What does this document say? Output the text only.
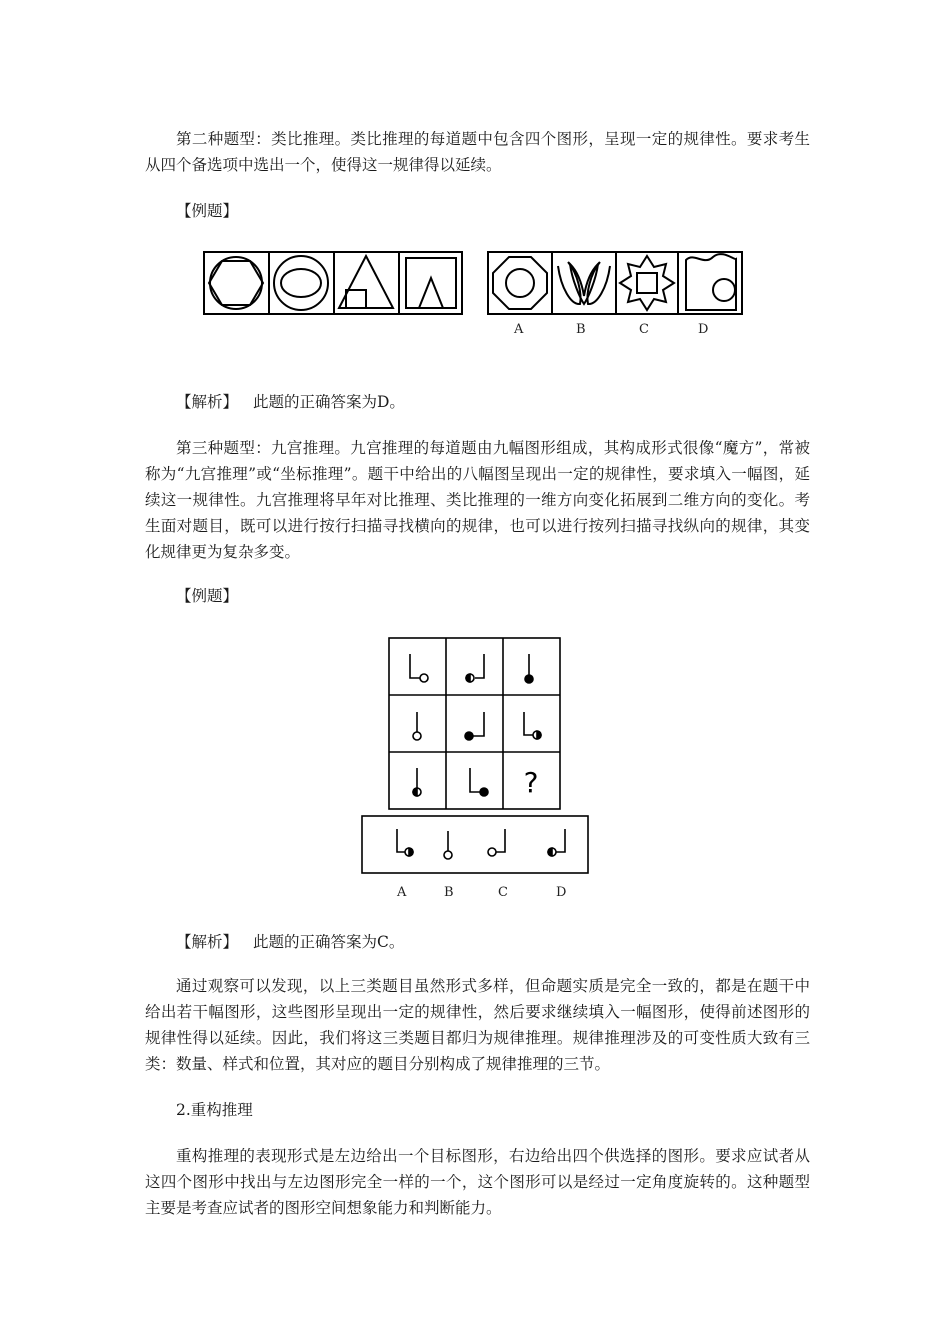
第二种题型：类比推理。类比推理的每道题中包含四个图形，呈现一定的规律性。要求考生从四个备选项中选出一个，使得这一规律得以延续。

【例题】

A	B	C	D

【解析】 此题的正确答案为D。

第三种题型：九宫推理。九宫推理的每道题由九幅图形组成，其构成形式很像“魔方”，常被称为“九宫推理”或“坐标推理”。题干中给出的八幅图呈现出一定的规律性，要求填入一幅图，延续这一规律性。九宫推理将早年对比推理、类比推理的一维方向变化拓展到二维方向的变化。考生面对题目，既可以进行按行扫描寻找横向的规律，也可以进行按列扫描寻找纵向的规律，其变化规律更为复杂多变。

【例题】

?
A	B	C	D

【解析】 此题的正确答案为C。

通过观察可以发现，以上三类题目虽然形式多样，但命题实质是完全一致的，都是在题干中给出若干幅图形，这些图形呈现出一定的规律性，然后要求继续填入一幅图形，使得前述图形的规律性得以延续。因此，我们将这三类题目都归为规律推理。规律推理涉及的可变性质大致有三类：数量、样式和位置，其对应的题目分别构成了规律推理的三节。

2.重构推理

重构推理的表现形式是左边给出一个目标图形，右边给出四个供选择的图形。要求应试者从这四个图形中找出与左边图形完全一样的一个，这个图形可以是经过一定角度旋转的。这种题型主要是考查应试者的图形空间想象能力和判断能力。
